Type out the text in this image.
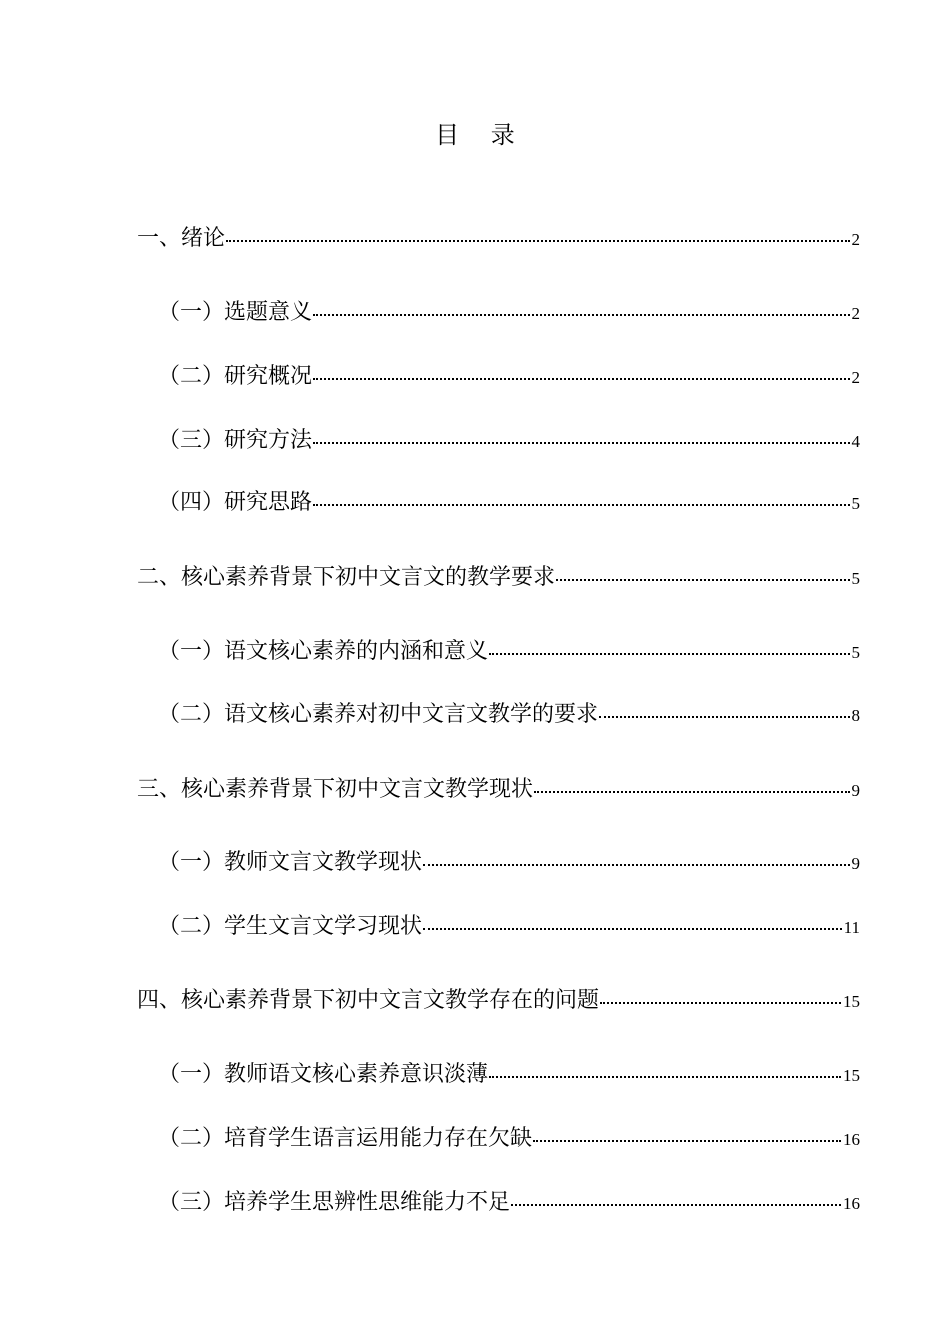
目 录
一、绪论	2
（一）选题意义	2
（二）研究概况	2
（三）研究方法	4
（四）研究思路	5
二、核心素养背景下初中文言文的教学要求	5
（一）语文核心素养的内涵和意义	5
（二）语文核心素养对初中文言文教学的要求	8
三、核心素养背景下初中文言文教学现状	9
（一）教师文言文教学现状	9
（二）学生文言文学习现状	11
四、核心素养背景下初中文言文教学存在的问题	15
（一）教师语文核心素养意识淡薄	15
（二）培育学生语言运用能力存在欠缺	16
（三）培养学生思辨性思维能力不足	16
